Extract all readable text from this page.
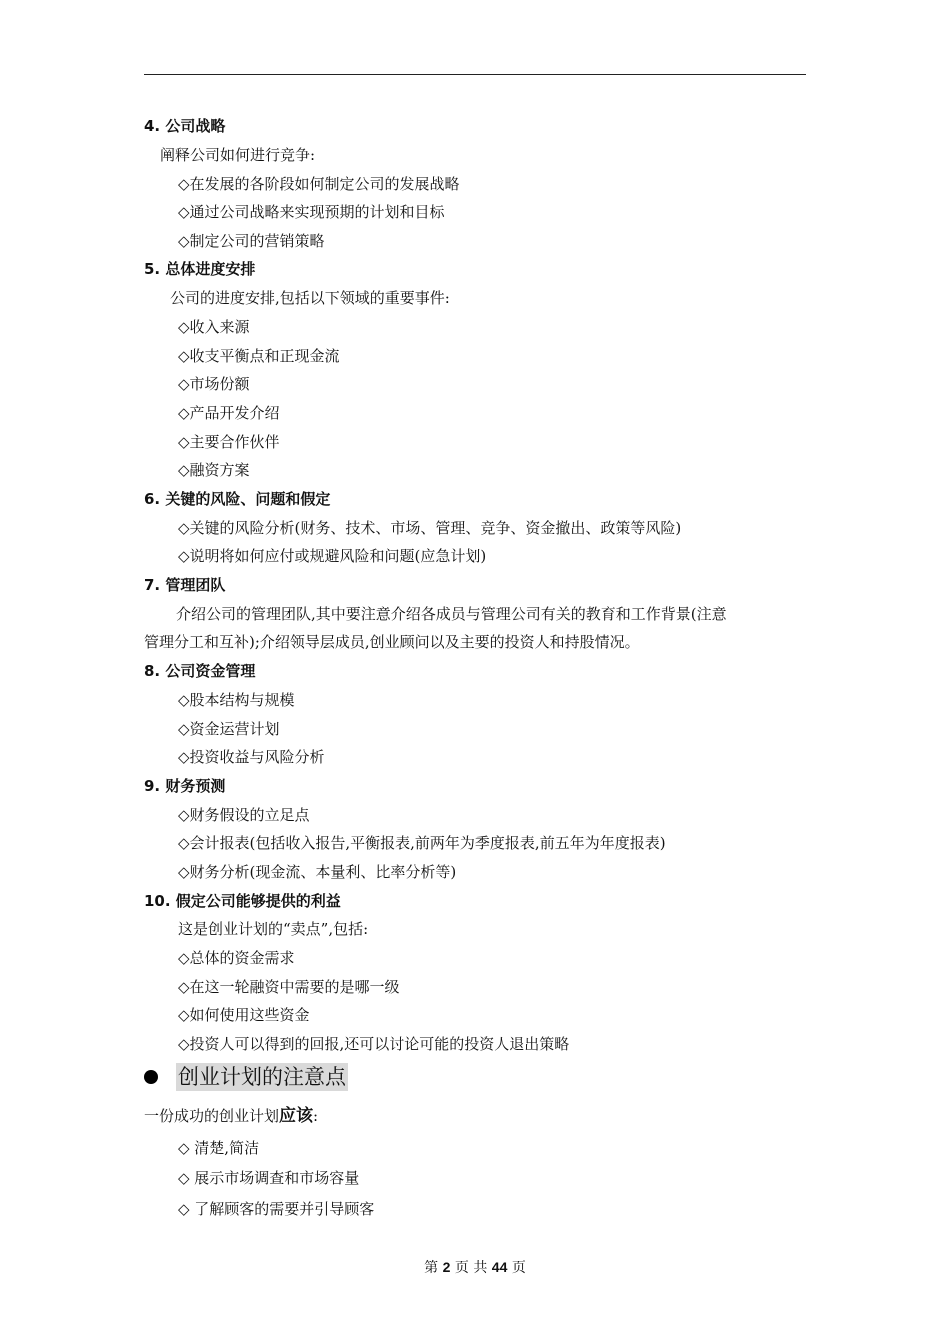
4. 公司战略
阐释公司如何进行竞争:
◇在发展的各阶段如何制定公司的发展战略
◇通过公司战略来实现预期的计划和目标
◇制定公司的营销策略
5. 总体进度安排
公司的进度安排,包括以下领域的重要事件:
◇收入来源
◇收支平衡点和正现金流
◇市场份额
◇产品开发介绍
◇主要合作伙伴
◇融资方案
6. 关键的风险、问题和假定
◇关键的风险分析(财务、技术、市场、管理、竞争、资金撤出、政策等风险)
◇说明将如何应付或规避风险和问题(应急计划)
7. 管理团队
介绍公司的管理团队,其中要注意介绍各成员与管理公司有关的教育和工作背景(注意
管理分工和互补);介绍领导层成员,创业顾问以及主要的投资人和持股情况。
8. 公司资金管理
◇股本结构与规模
◇资金运营计划
◇投资收益与风险分析
9. 财务预测
◇财务假设的立足点
◇会计报表(包括收入报告,平衡报表,前两年为季度报表,前五年为年度报表)
◇财务分析(现金流、本量利、比率分析等)
10. 假定公司能够提供的利益
这是创业计划的“卖点”,包括:
◇总体的资金需求
◇在这一轮融资中需要的是哪一级
◇如何使用这些资金
◇投资人可以得到的回报,还可以讨论可能的投资人退出策略
创业计划的注意点
一份成功的创业计划应该:
◇ 清楚,简洁
◇ 展示市场调查和市场容量
◇ 了解顾客的需要并引导顾客
第 2 页 共 44 页
